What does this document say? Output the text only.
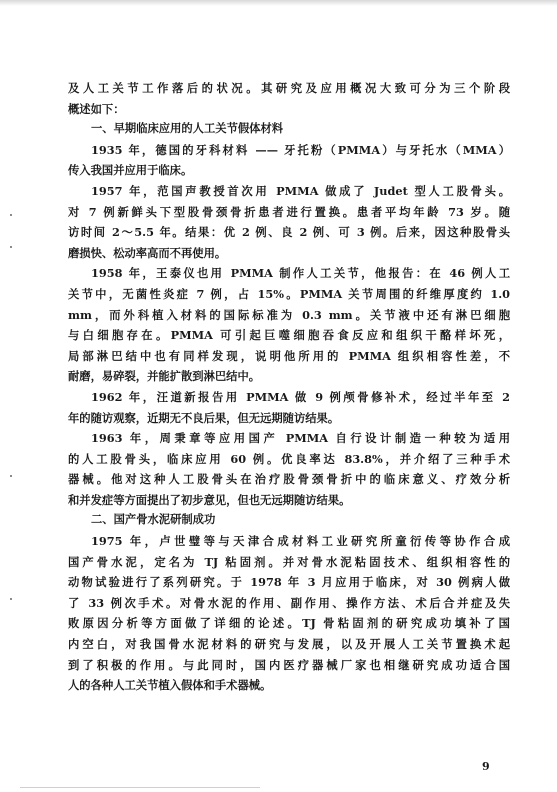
及人工关节工作落后的状况。其研究及应用概况大致可分为三个阶段
概述如下：
一、早期临床应用的人工关节假体材料
1935 年，德国的牙科材料 —— 牙托粉（PMMA）与牙托水（MMA）
传入我国并应用于临床。
1957 年，范国声教授首次用 PMMA 做成了 Judet 型人工股骨头。
对 7 例新鲜头下型股骨颈骨折患者进行置换。患者平均年龄 73 岁。随
访时间 2～5.5 年。结果：优 2 例、良 2 例、可 3 例。后来，因这种股骨头
磨损快、松动率高而不再使用。
1958 年，王泰仪也用 PMMA 制作人工关节，他报告：在 46 例人工
关节中，无菌性炎症 7 例，占 15%。PMMA 关节周围的纤维厚度约 1.0
mm，而外科植入材料的国际标准为 0.3 mm。关节液中还有淋巴细胞
与白细胞存在。PMMA 可引起巨噬细胞吞食反应和组织干酪样坏死，
局部淋巴结中也有同样发现，说明他所用的 PMMA 组织相容性差，不
耐磨，易碎裂，并能扩散到淋巴结中。
1962 年，汪道新报告用 PMMA 做 9 例颅骨修补术，经过半年至 2
年的随访观察，近期无不良后果，但无远期随访结果。
1963 年，周秉章等应用国产 PMMA 自行设计制造一种较为适用
的人工股骨头，临床应用 60 例。优良率达 83.8%，并介绍了三种手术
器械。他对这种人工股骨头在治疗股骨颈骨折中的临床意义、疗效分析
和并发症等方面提出了初步意见，但也无远期随访结果。
二、国产骨水泥研制成功
1975 年，卢世璧等与天津合成材料工业研究所童衍传等协作合成
国产骨水泥，定名为 TJ 粘固剂。并对骨水泥粘固技术、组织相容性的
动物试验进行了系列研究。于 1978 年 3 月应用于临床，对 30 例病人做
了 33 例次手术。对骨水泥的作用、副作用、操作方法、术后合并症及失
败原因分析等方面做了详细的论述。TJ 骨粘固剂的研究成功填补了国
内空白，对我国骨水泥材料的研究与发展，以及开展人工关节置换术起
到了积极的作用。与此同时，国内医疗器械厂家也相继研究成功适合国
人的各种人工关节植入假体和手术器械。
9
